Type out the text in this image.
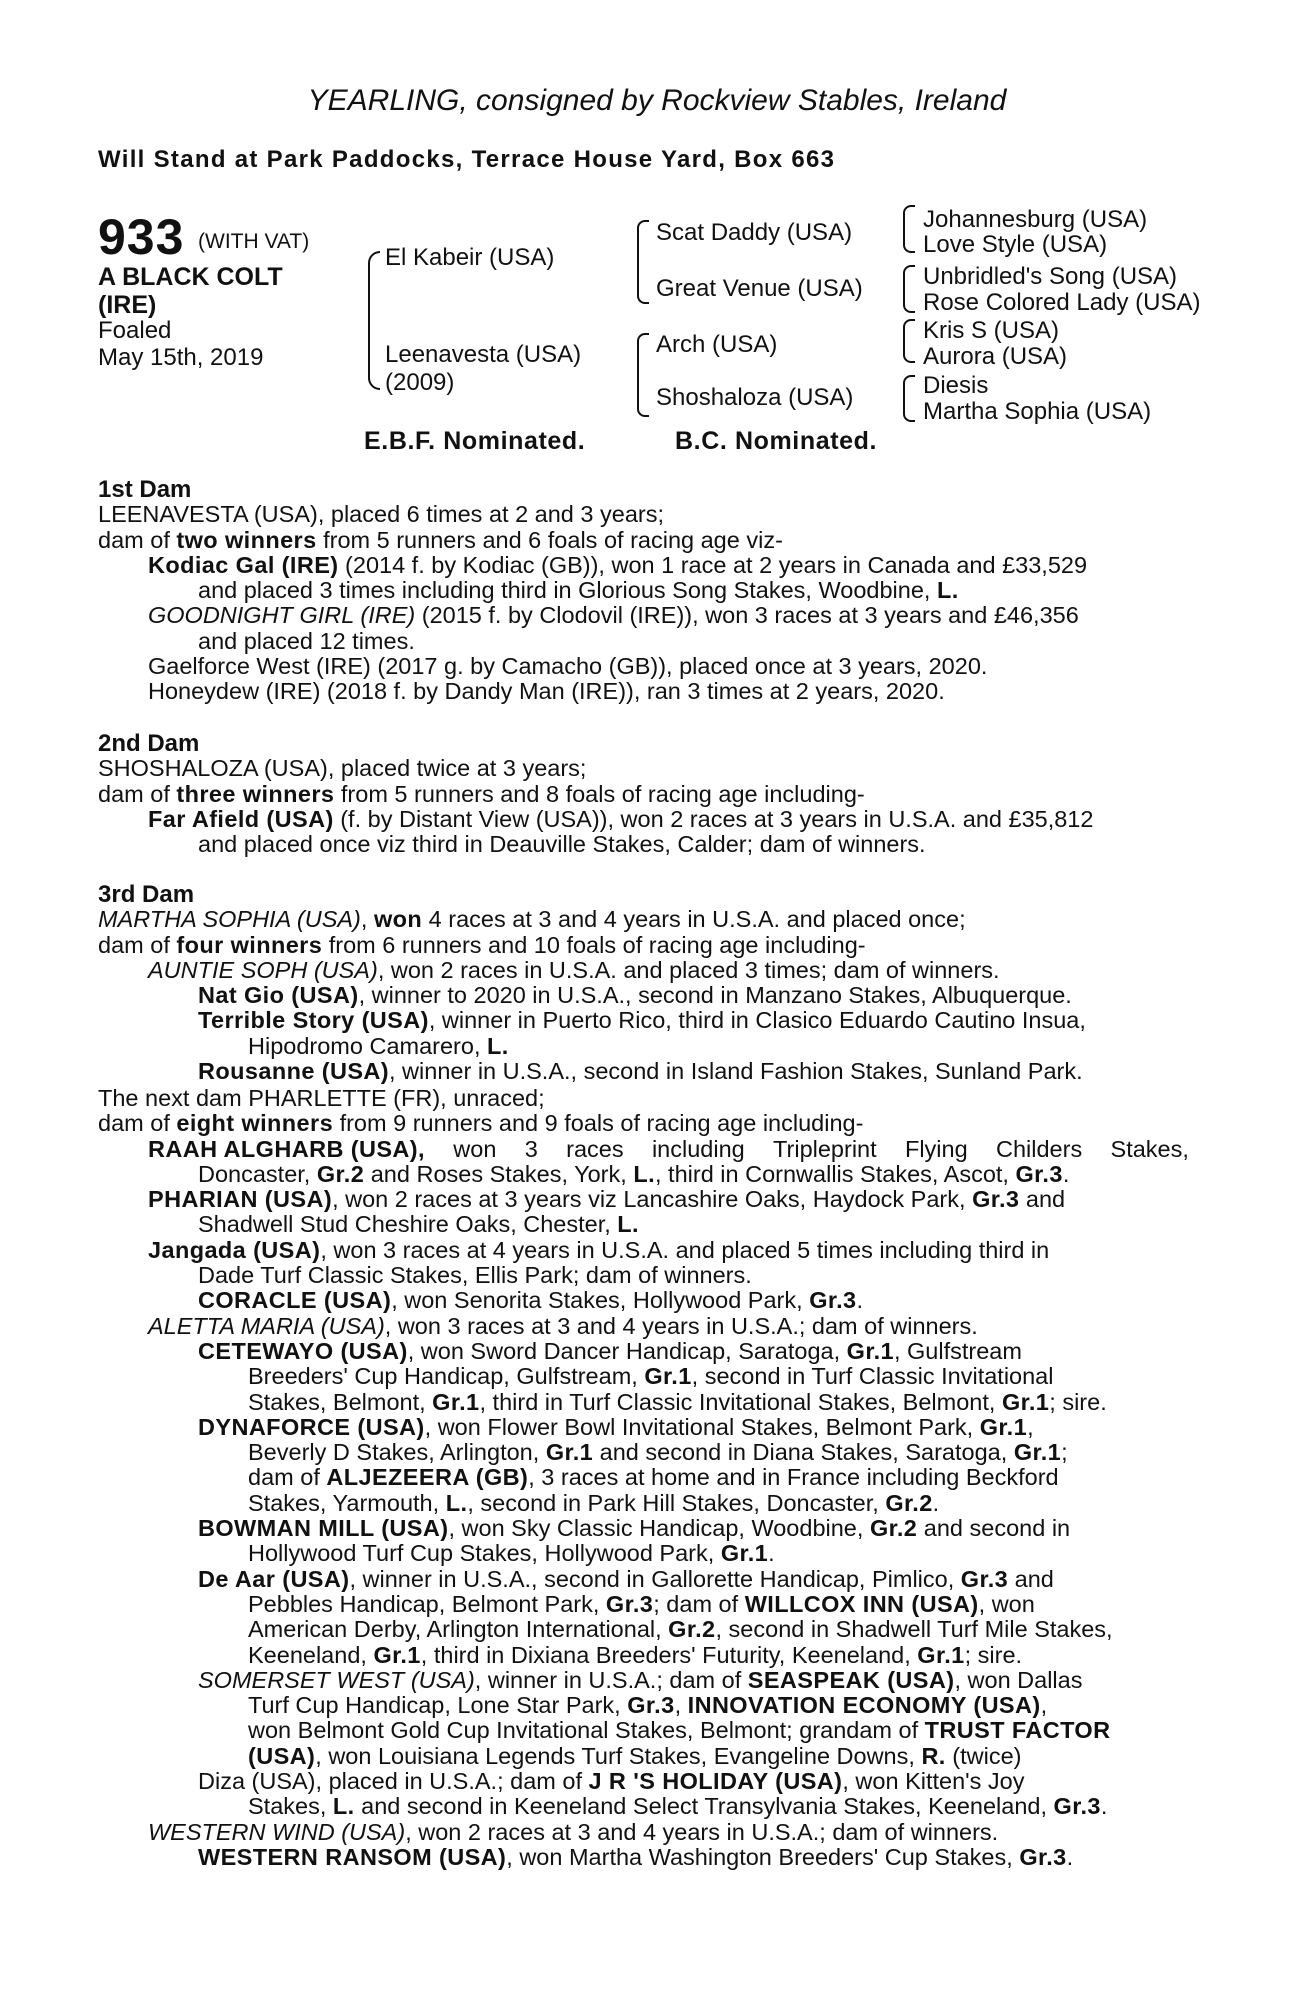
YEARLING, consigned by Rockview Stables, Ireland
Will Stand at Park Paddocks, Terrace House Yard, Box 663
933 (WITH VAT)
A BLACK COLT
(IRE)
Foaled
May 15th, 2019
El Kabeir (USA)
Leenavesta (USA)
(2009)
Scat Daddy (USA)
Great Venue (USA)
Arch (USA)
Shoshaloza (USA)
Johannesburg (USA)
Love Style (USA)
Unbridled's Song (USA)
Rose Colored Lady (USA)
Kris S (USA)
Aurora (USA)
Diesis
Martha Sophia (USA)
E.B.F. Nominated.	B.C. Nominated.
1st Dam
LEENAVESTA (USA), placed 6 times at 2 and 3 years;
dam of two winners from 5 runners and 6 foals of racing age viz-
Kodiac Gal (IRE) (2014 f. by Kodiac (GB)), won 1 race at 2 years in Canada and £33,529
and placed 3 times including third in Glorious Song Stakes, Woodbine, L.
GOODNIGHT GIRL (IRE) (2015 f. by Clodovil (IRE)), won 3 races at 3 years and £46,356
and placed 12 times.
Gaelforce West (IRE) (2017 g. by Camacho (GB)), placed once at 3 years, 2020.
Honeydew (IRE) (2018 f. by Dandy Man (IRE)), ran 3 times at 2 years, 2020.
2nd Dam
SHOSHALOZA (USA), placed twice at 3 years;
dam of three winners from 5 runners and 8 foals of racing age including-
Far Afield (USA) (f. by Distant View (USA)), won 2 races at 3 years in U.S.A. and £35,812
and placed once viz third in Deauville Stakes, Calder; dam of winners.
3rd Dam
MARTHA SOPHIA (USA), won 4 races at 3 and 4 years in U.S.A. and placed once;
dam of four winners from 6 runners and 10 foals of racing age including-
AUNTIE SOPH (USA), won 2 races in U.S.A. and placed 3 times; dam of winners.
Nat Gio (USA), winner to 2020 in U.S.A., second in Manzano Stakes, Albuquerque.
Terrible Story (USA), winner in Puerto Rico, third in Clasico Eduardo Cautino Insua,
Hipodromo Camarero, L.
Rousanne (USA), winner in U.S.A., second in Island Fashion Stakes, Sunland Park.
The next dam PHARLETTE (FR), unraced;
dam of eight winners from 9 runners and 9 foals of racing age including-
RAAH ALGHARB (USA), won 3 races including Tripleprint Flying Childers Stakes,
Doncaster, Gr.2 and Roses Stakes, York, L., third in Cornwallis Stakes, Ascot, Gr.3.
PHARIAN (USA), won 2 races at 3 years viz Lancashire Oaks, Haydock Park, Gr.3 and
Shadwell Stud Cheshire Oaks, Chester, L.
Jangada (USA), won 3 races at 4 years in U.S.A. and placed 5 times including third in
Dade Turf Classic Stakes, Ellis Park; dam of winners.
CORACLE (USA), won Senorita Stakes, Hollywood Park, Gr.3.
ALETTA MARIA (USA), won 3 races at 3 and 4 years in U.S.A.; dam of winners.
CETEWAYO (USA), won Sword Dancer Handicap, Saratoga, Gr.1, Gulfstream
Breeders' Cup Handicap, Gulfstream, Gr.1, second in Turf Classic Invitational
Stakes, Belmont, Gr.1, third in Turf Classic Invitational Stakes, Belmont, Gr.1; sire.
DYNAFORCE (USA), won Flower Bowl Invitational Stakes, Belmont Park, Gr.1,
Beverly D Stakes, Arlington, Gr.1 and second in Diana Stakes, Saratoga, Gr.1;
dam of ALJEZEERA (GB), 3 races at home and in France including Beckford
Stakes, Yarmouth, L., second in Park Hill Stakes, Doncaster, Gr.2.
BOWMAN MILL (USA), won Sky Classic Handicap, Woodbine, Gr.2 and second in
Hollywood Turf Cup Stakes, Hollywood Park, Gr.1.
De Aar (USA), winner in U.S.A., second in Gallorette Handicap, Pimlico, Gr.3 and
Pebbles Handicap, Belmont Park, Gr.3; dam of WILLCOX INN (USA), won
American Derby, Arlington International, Gr.2, second in Shadwell Turf Mile Stakes,
Keeneland, Gr.1, third in Dixiana Breeders' Futurity, Keeneland, Gr.1; sire.
SOMERSET WEST (USA), winner in U.S.A.; dam of SEASPEAK (USA), won Dallas
Turf Cup Handicap, Lone Star Park, Gr.3, INNOVATION ECONOMY (USA),
won Belmont Gold Cup Invitational Stakes, Belmont; grandam of TRUST FACTOR
(USA), won Louisiana Legends Turf Stakes, Evangeline Downs, R. (twice)
Diza (USA), placed in U.S.A.; dam of J R 'S HOLIDAY (USA), won Kitten's Joy
Stakes, L. and second in Keeneland Select Transylvania Stakes, Keeneland, Gr.3.
WESTERN WIND (USA), won 2 races at 3 and 4 years in U.S.A.; dam of winners.
WESTERN RANSOM (USA), won Martha Washington Breeders' Cup Stakes, Gr.3.
